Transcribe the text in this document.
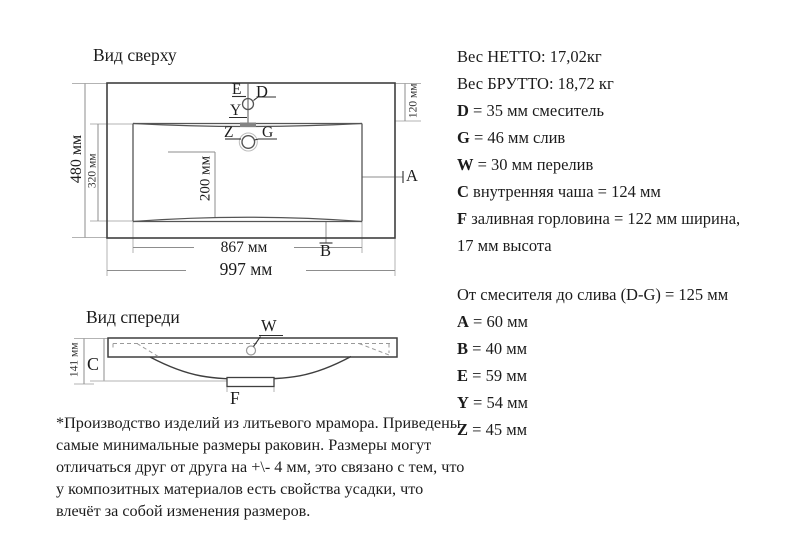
Вид сверху
E D
Y
Z G
A
B
480 мм 320 мм
120 мм
200 мм
867 мм
997 мм
Вид спереди	W
C
F
141 мм
Вес НЕТТО: 17,02кг
Вес БРУТТО: 18,72 кг
D = 35 мм смеситель
G = 46 мм слив
W = 30 мм перелив
C внутренняя чаша = 124 мм
F заливная горловина = 122 мм ширина,
17 мм высота
От смесителя до слива (D-G) = 125 мм
A = 60 мм
B = 40 мм
E = 59 мм
Y = 54 мм
Z = 45 мм
*Производство изделий из литьевого мрамора. Приведены
самые минимальные размеры раковин. Размеры могут
отличаться друг от друга на +\- 4 мм, это связано с тем, что
у композитных материалов есть свойства усадки, что
влечёт за собой изменения размеров.
